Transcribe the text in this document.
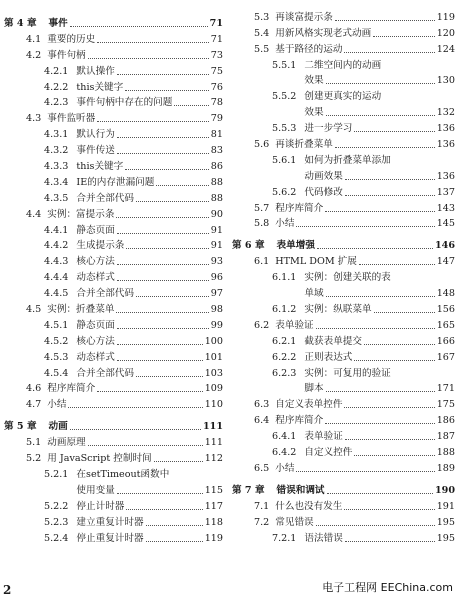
第 4 章 事件	71
4.1 重要的历史	71
4.2 事件句柄	73
4.2.1 默认操作	75
4.2.2 this关键字	76
4.2.3 事件句柄中存在的问题	78
4.3 事件监听器	79
4.3.1 默认行为	81
4.3.2 事件传送	83
4.3.3 this关键字	86
4.3.4 IE的内存泄漏问题	88
4.3.5 合并全部代码	88
4.4 实例：富提示条	90
4.4.1 静态页面	91
4.4.2 生成提示条	91
4.4.3 核心方法	93
4.4.4 动态样式	96
4.4.5 合并全部代码	97
4.5 实例：折叠菜单	98
4.5.1 静态页面	99
4.5.2 核心方法	100
4.5.3 动态样式	101
4.5.4 合并全部代码	103
4.6 程序库简介	109
4.7 小结	110
第 5 章 动画	111
5.1 动画原理	111
5.2 用 JavaScript 控制时间	112
5.2.1 在setTimeout函数中
使用变量	115
5.2.2 停止计时器	117
5.2.3 建立重复计时器	118
5.2.4 停止重复计时器	119
5.3 再谈富提示条	119
5.4 用新风格实现老式动画	120
5.5 基于路径的运动	124
5.5.1 二维空间内的动画
效果	130
5.5.2 创建更真实的运动
效果	132
5.5.3 进一步学习	136
5.6 再谈折叠菜单	136
5.6.1 如何为折叠菜单添加
动画效果	136
5.6.2 代码修改	137
5.7 程序库简介	143
5.8 小结	145
第 6 章 表单增强	146
6.1 HTML DOM 扩展	147
6.1.1 实例：创建关联的表
单域	148
6.1.2 实例：纵联菜单	156
6.2 表单验证	165
6.2.1 截获表单提交	166
6.2.2 正则表达式	167
6.2.3 实例：可复用的验证
脚本	171
6.3 自定义表单控件	175
6.4 程序库简介	186
6.4.1 表单验证	187
6.4.2 自定义控件	188
6.5 小结	189
第 7 章 错误和调试	190
7.1 什么也没有发生	191
7.2 常见错误	195
7.2.1 语法错误	195
2	电子工程网 EEChina.com
